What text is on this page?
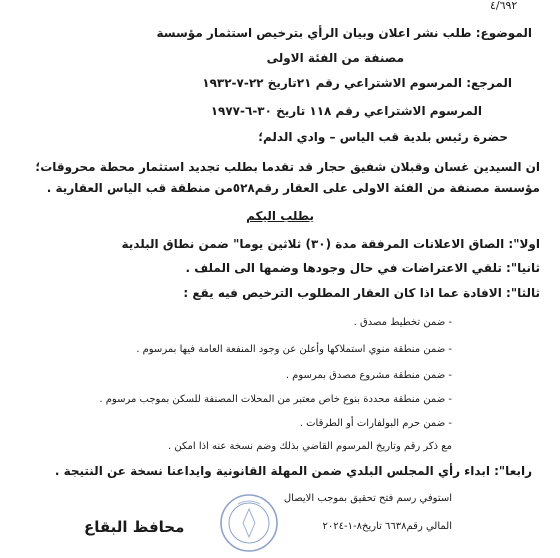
٤/٦٩٢
الموضوع: طلب نشر اعلان وبيان الرأي بترخيص استثمار مؤسسة
مصنفة من الفئة الاولى
المرجع: المرسوم الاشتراعي رقم ٢١تاريخ ٢٢-٧-١٩٣٢
المرسوم الاشتراعي رقم ١١٨ تاريخ ٣٠-٦-١٩٧٧
حضرة رئيس بلدية قب الياس – وادي الدلم؛
ان السيدين غسان وقبلان شفيق حجار قد تقدما بطلب تجديد استثمار محطة محروقات؛
مؤسسة مصنفة من الفئة الاولى على العقار رقم٥٢٨من منطقة قب الياس العقارية .
يطلب اليكم
اولا": الصاق الاعلانات المرفقة مدة (٣٠) ثلاثين يوما" ضمن نطاق البلدية
ثانيا": تلقي الاعتراضات في حال وجودها وضمها الى الملف .
ثالثا": الافادة عما اذا كان العقار المطلوب الترخيص فيه يقع :
- ضمن تخطيط مصدق .
- ضمن منطقة منوي استملاكها وأعلن عن وجود المنفعة العامة فيها بمرسوم .
- ضمن منطقة مشروع مصدق بمرسوم .
- ضمن منطقة محددة بنوع خاص معتبر من المحلات المصنفة للسكن بموجب مرسوم .
- ضمن حرم البولفارات أو الطرقات .
مع ذكر رقم وتاريخ المرسوم القاضي بذلك وضم نسخة عنه اذا امكن .
رابعا": ابداء رأي المجلس البلدي ضمن المهلة القانونية وايداعنا نسخة عن النتيجة .
استوفي رسم فتح تحقيق بموجب الايصال
المالي رقم٦٦٣٨ تاريخ٨-١-٢٠٢٤
محافظ البقاع
